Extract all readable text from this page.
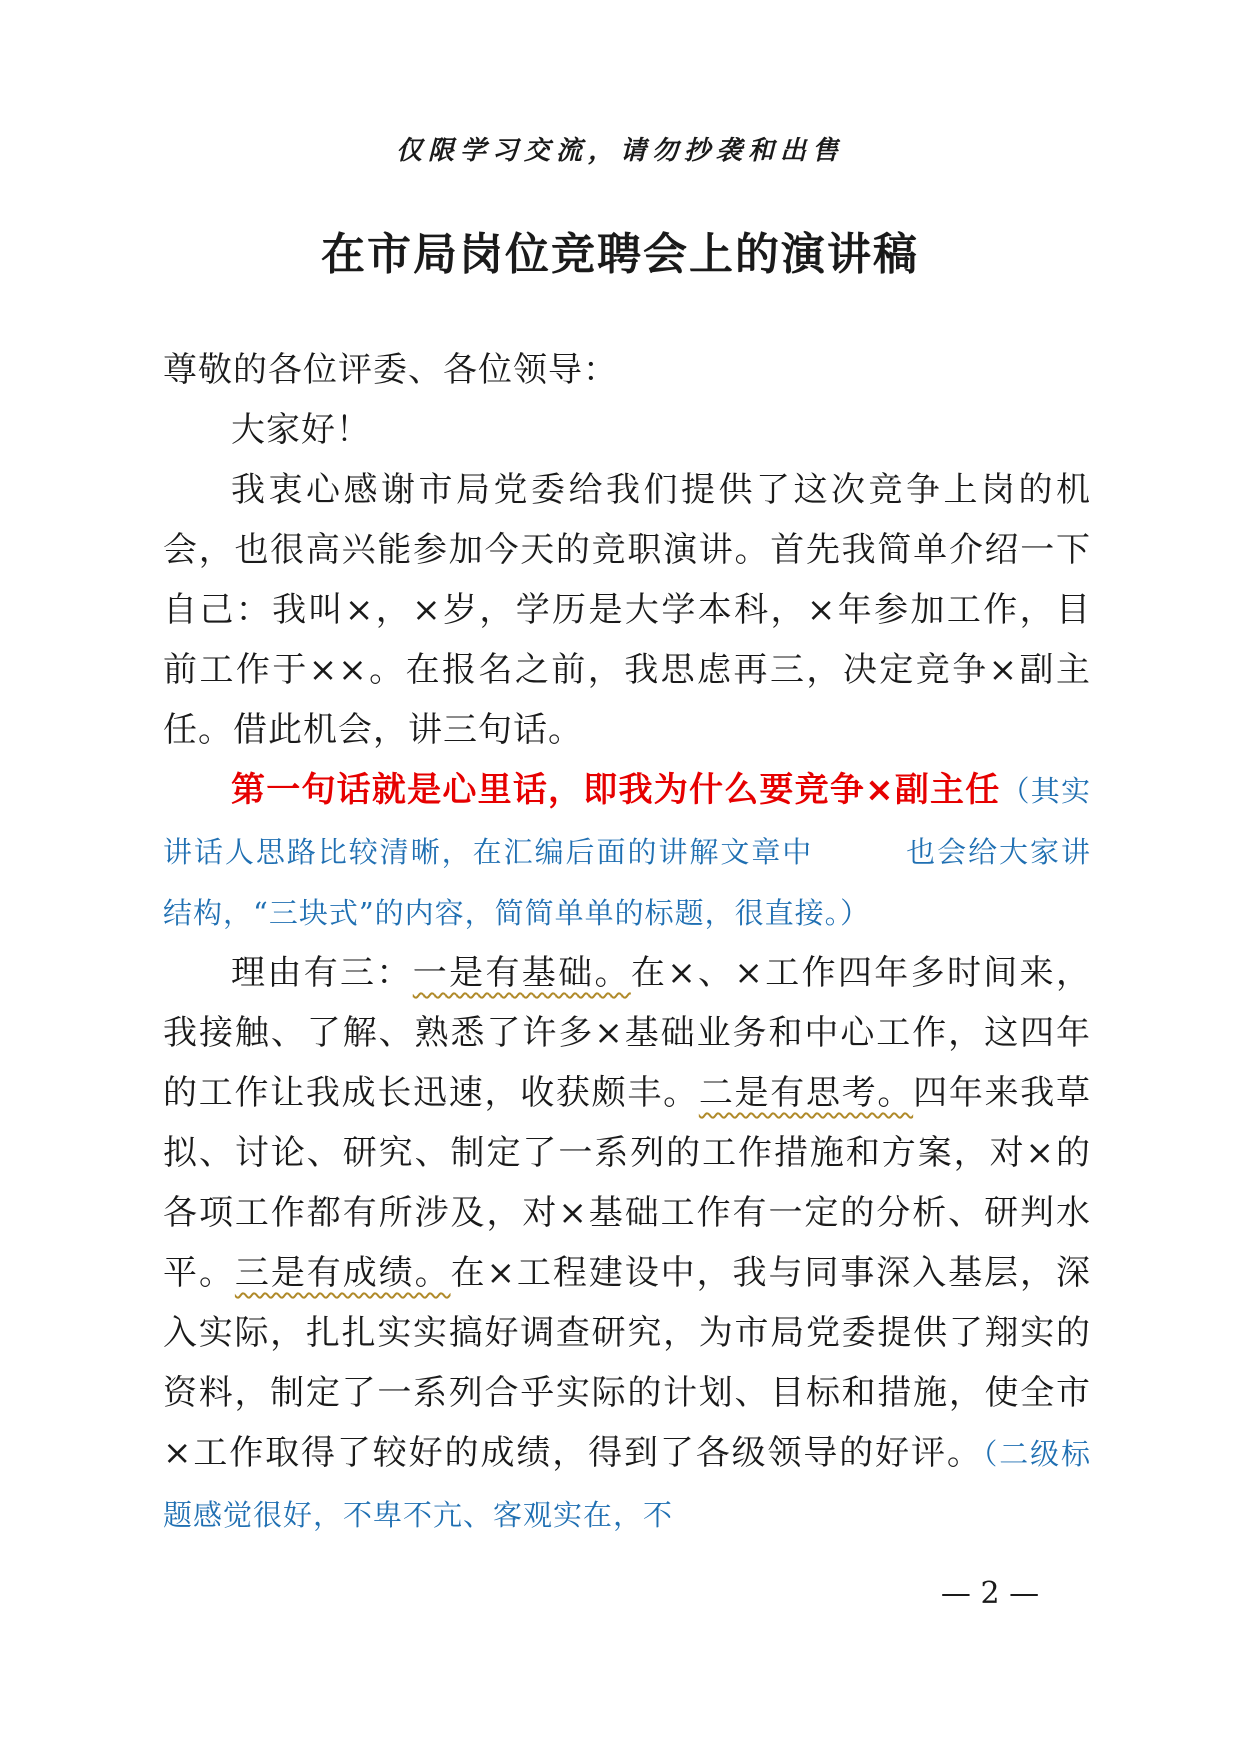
仅限学习交流，请勿抄袭和出售
在市局岗位竞聘会上的演讲稿

尊敬的各位评委、各位领导：

大家好！

我衷心感谢市局党委给我们提供了这次竞争上岗的机会，也很高兴能参加今天的竞职演讲。首先我简单介绍一下自己：我叫×，×岁，学历是大学本科，×年参加工作，目前工作于××。在报名之前，我思虑再三，决定竞争×副主任。借此机会，讲三句话。

第一句话就是心里话，即我为什么要竞争×副主任（其实讲话人思路比较清晰，在汇编后面的讲解文章中　　　也会给大家讲结构，“三块式”的内容，简简单单的标题，很直接。）

理由有三：一是有基础。在×、×工作四年多时间来，我接触、了解、熟悉了许多×基础业务和中心工作，这四年的工作让我成长迅速，收获颇丰。二是有思考。四年来我草拟、讨论、研究、制定了一系列的工作措施和方案，对×的各项工作都有所涉及，对×基础工作有一定的分析、研判水平。三是有成绩。在×工程建设中，我与同事深入基层，深入实际，扎扎实实搞好调查研究，为市局党委提供了翔实的资料，制定了一系列合乎实际的计划、目标和措施，使全市×工作取得了较好的成绩，得到了各级领导的好评。（二级标题感觉很好，不卑不亢、客观实在，不

— 2 —
